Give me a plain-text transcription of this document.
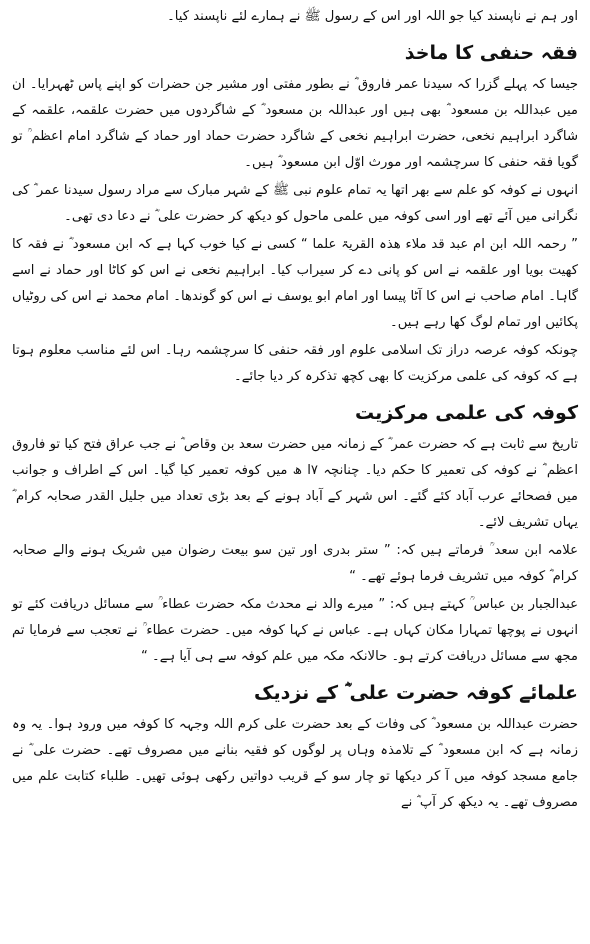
اور ہم نے ناپسند کیا جو اللہ اور اس کے رسول ﷺ نے ہمارے لئے ناپسند کیا۔

فقہ حنفی کا ماخذ

جیسا کہ پہلے گزرا کہ سیدنا عمر فاروق ؓ نے بطور مفتی اور مشیر جن حضرات کو اپنے پاس ٹھہرایا۔ ان میں عبداللہ بن مسعود ؓ بھی ہیں اور عبداللہ بن مسعود ؓ کے شاگردوں میں حضرت علقمہ، علقمہ کے شاگرد ابراہیم نخعی، حضرت ابراہیم نخعی کے شاگرد حضرت حماد اور حماد کے شاگرد امام اعظم ؒ تو گویا فقہ حنفی کا سرچشمہ اور مورث اوّل ابن مسعود ؓ ہیں۔

انہوں نے کوفہ کو علم سے بھر اتھا یہ تمام علوم نبی ﷺ کے شہر مبارک سے مراد رسول سیدنا عمر ؓ کی نگرانی میں آئے تھے اور اسی کوفہ میں علمی ماحول کو دیکھ کر حضرت علی ؓ نے دعا دی تھی۔

” رحمہ اللہ ابن ام عبد قد ملاء ھذہ القریۃ علما “ کسی نے کیا خوب کہا ہے کہ ابن مسعود ؓ نے فقہ کا کھیت بویا اور علقمہ نے اس کو پانی دے کر سیراب کیا۔ ابراہیم نخعی نے اس کو کاٹا اور حماد نے اسے گاہا۔ امام صاحب نے اس کا آٹا پیسا اور امام ابو یوسف نے اس کو گوندھا۔ امام محمد نے اس کی روٹیاں پکائیں اور تمام لوگ کھا رہے ہیں۔

چونکہ کوفہ عرصہ دراز تک اسلامی علوم اور فقہ حنفی کا سرچشمہ رہا۔ اس لئے مناسب معلوم ہوتا ہے کہ کوفہ کی علمی مرکزیت کا بھی کچھ تذکرہ کر دیا جائے۔

کوفہ کی علمی مرکزیت

تاریخ سے ثابت ہے کہ حضرت عمر ؓ کے زمانہ میں حضرت سعد بن وقاص ؓ نے جب عراق فتح کیا تو فاروق اعظم ؓ نے کوفہ کی تعمیر کا حکم دیا۔ چنانچہ ۷ا ھ میں کوفہ تعمیر کیا گیا۔ اس کے اطراف و جوانب میں فصحائے عرب آباد کئے گئے۔ اس شہر کے آباد ہونے کے بعد بڑی تعداد میں جلیل القدر صحابہ کرام ؓ یہاں تشریف لائے۔

علامہ ابن سعد ؒ فرماتے ہیں کہ: ” ستر بدری اور تین سو بیعت رضوان میں شریک ہونے والے صحابہ کرام ؓ کوفہ میں تشریف فرما ہوئے تھے۔ “

عبدالجبار بن عباس ؒ کہتے ہیں کہ: ” میرے والد نے محدث مکہ حضرت عطاء ؒ سے مسائل دریافت کئے تو انہوں نے پوچھا تمہارا مکان کہاں ہے۔ عباس نے کہا کوفہ میں۔ حضرت عطاء ؒ نے تعجب سے فرمایا تم مجھ سے مسائل دریافت کرتے ہو۔ حالانکہ مکہ میں علم کوفہ سے ہی آیا ہے۔ “

علمائے کوفہ حضرت علی ؓ کے نزدیک

حضرت عبداللہ بن مسعود ؓ کی وفات کے بعد حضرت علی کرم اللہ وجہہ کا کوفہ میں ورود ہوا۔ یہ وہ زمانہ ہے کہ ابن مسعود ؓ کے تلامذہ وہاں پر لوگوں کو فقیہ بنانے میں مصروف تھے۔ حضرت علی ؓ نے جامع مسجد کوفہ میں آ کر دیکھا تو چار سو کے قریب دواتیں رکھی ہوئی تھیں۔ طلباء کتابت علم میں مصروف تھے۔ یہ دیکھ کر آپ ؓ نے
